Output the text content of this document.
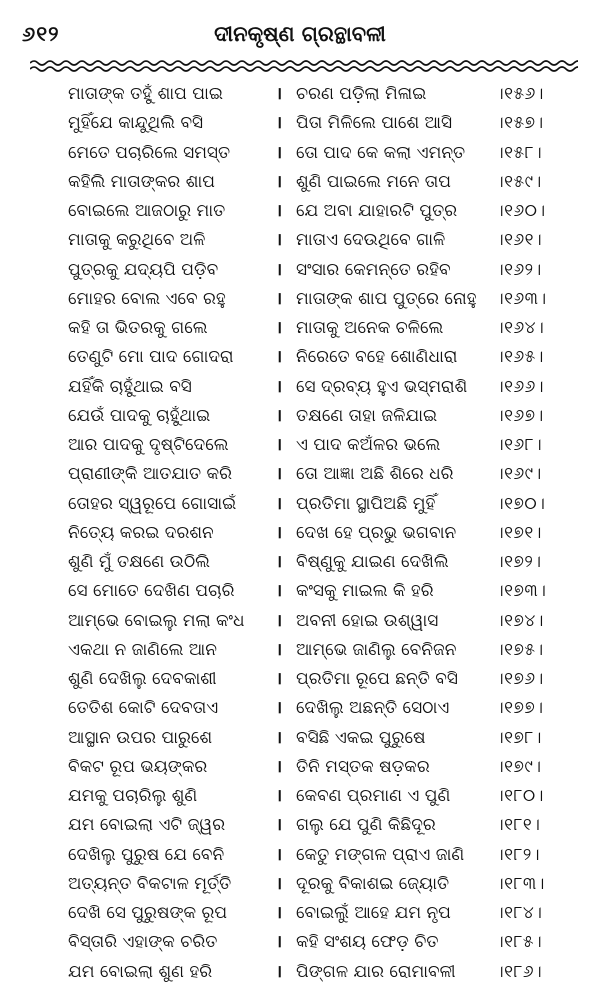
୬୧୨	ଦୀନକୃଷ୍ଣ ଗ୍ରନ୍ଥାବଳୀ
ମାତାଙ୍କ ତହୁଁ ଶାପ ପାଇ	। ଚରଣ ପଡ଼ିଲା ମିଳାଇ	।୧୫୬।
ମୁହିଁଯେ କାନ୍ଦୁଥିଲି ବସି	। ପିତା ମିଳିଲେ ପାଶେ ଆସି	।୧୫୭।
ମେତେ ପଚାରିଲେ ସମସ୍ତ	। ତୋ ପାଦ କେ କଲା ଏମନ୍ତ	।୧୫୮।
କହିଲି ମାତାଙ୍କର ଶାପ	। ଶୁଣି ପାଇଲେ ମନେ ତାପ	।୧୫୯।
ବୋଇଲେ ଆଜଠାରୁ ମାତ	। ଯେ ଅବା ଯାହାରଟି ପୁତ୍ର	।୧୬୦।
ମାତାକୁ କରୁଥିବେ ଅଳି	। ମାତାଏ ଦେଉଥିବେ ଗାଳି	।୧୬୧।
ପୁତ୍ରକୁ ଯଦ୍ୟପି ପଡ଼ିବ	। ସଂସାର କେମନ୍ତେ ରହିବ	।୧୬୨।
ମୋହର ବୋଲ ଏବେ ରହୁ	। ମାତାଙ୍କ ଶାପ ପୁତ୍ରେ ନୋହୁ	।୧୬୩।
କହି ତା ଭିତରକୁ ଗଲେ	। ମାତାକୁ ଅନେକ ଚଳିଲେ	।୧୬୪।
ତେଣୁଟି ମୋ ପାଦ ଗୋଦରା	। ନିରେତେ ବହେ ଶୋଣିଧାରା	।୧୬୫।
ଯହିଁକି ଚାହୁଁଥାଇ ବସି	। ସେ ଦ୍ରବ୍ୟ ହୁଏ ଭସ୍ମରାଶି	।୧୬୬।
ଯେଉଁ ପାଦକୁ ଚାହୁଁଥାଇ	। ତକ୍ଷଣେ ତାହା ଜଳିଯାଇ	।୧୬୭।
ଆର ପାଦକୁ ଦୃଷ୍ଟିଦେଲେ	। ଏ ପାଦ କଅଁଳର ଭଲେ	।୧୬୮।
ପ୍ରାଣୀଙ୍କି ଆତଯାତ କରି	। ତୋ ଆଜ୍ଞା ଅଛି ଶିରେ ଧରି	।୧୬୯।
ତୋହର ସ୍ୱରୂପେ ଗୋସାଇଁ	। ପ୍ରତିମା ସ୍ଥାପିଅଛି ମୁହିଁ	।୧୭୦।
ନିତ୍ୟେ କରଇ ଦରଶନ	। ଦେଖ ହେ ପ୍ରଭୁ ଭଗବାନ	।୧୭୧।
ଶୁଣି ମୁଁ ତକ୍ଷଣେ ଉଠିଲି	। ବିଷ୍ଣୁକୁ ଯାଇଣ ଦେଖିଲି	।୧୭୨।
ସେ ମୋତେ ଦେଖିଣ ପଚାରି	। କଂସକୁ ମାଇଲ କି ହରି	।୧୭୩।
ଆମ୍ଭେ ବୋଇଲୁ ମଲା କଂଧ	। ଅବନୀ ହୋଇ ଉଶ୍ୱାସ	।୧୭୪।
ଏକଥା ନ ଜାଣିଲେ ଆନ	। ଆମ୍ଭେ ଜାଣିଲୁ ବେନିଜନ	।୧୭୫।
ଶୁଣି ଦେଖିଲୁ ଦେବକାଶୀ	। ପ୍ରତିମା ରୂପେ ଛନ୍ତି ବସି	।୧୭୬।
ତେତିଶ କୋଟି ଦେବତାଏ	। ଦେଖିଲୁ ଅଛନ୍ତି ସେଠାଏ	।୧୭୭।
ଆସ୍ଥାନ ଉପର ପାରୁଶେ	। ବସିଛି ଏକଇ ପୁରୁଷେ	।୧୭୮।
ବିକଟ ରୂପ ଭୟଙ୍କର	। ତିନି ମସ୍ତକ ଷଡ଼କର	।୧୭୯।
ଯମକୁ ପଚାରିଲୁ ଶୁଣି	। କେବଣ ପ୍ରମାଣ ଏ ପୁଣି	।୧୮୦।
ଯମ ବୋଇଲା ଏଟି ଜ୍ୱର	। ଗଲୁ ଯେ ପୁଣି କିଛିଦୂର	।୧୮୧।
ଦେଖିଲୁ ପୁରୁଷ ଯେ ବେନି	। କେତୁ ମଙ୍ଗଳ ପ୍ରାଏ ଜାଣି	।୧୮୨।
ଅତ୍ୟନ୍ତ ବିକଟାଳ ମୂର୍ତ୍ତି	। ଦୂରକୁ ବିକାଶଇ ଜ୍ୟୋତି	।୧୮୩।
ଦେଖି ସେ ପୁରୁଷଙ୍କ ରୂପ	। ବୋଇଲୁଁ ଆହେ ଯମ ନୃପ	।୧୮୪।
ବିସ୍ତାରି ଏହାଙ୍କ ଚରିତ	। କହି ସଂଶୟ ଫେଡ଼ ଚିତ	।୧୮୫।
ଯମ ବୋଇଲା ଶୁଣ ହରି	। ପିଙ୍ଗଳ ଯାର ରୋମାବଳୀ	।୧୮୬।
